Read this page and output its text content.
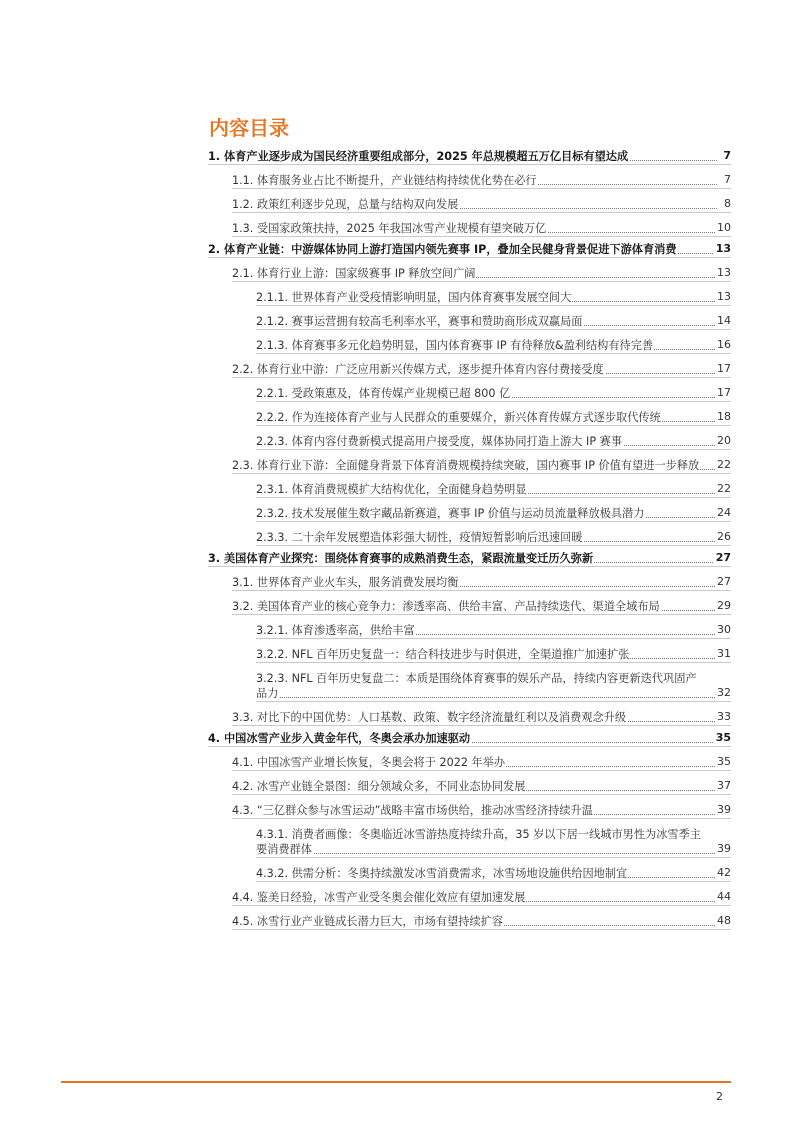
内容目录
1. 体育产业逐步成为国民经济重要组成部分，2025 年总规模超五万亿目标有望达成	7
1.1. 体育服务业占比不断提升，产业链结构持续优化势在必行	7
1.2. 政策红利逐步兑现，总量与结构双向发展	8
1.3. 受国家政策扶持，2025 年我国冰雪产业规模有望突破万亿	10
2. 体育产业链：中游媒体协同上游打造国内领先赛事 IP，叠加全民健身背景促进下游体育消费	13
2.1. 体育行业上游：国家级赛事 IP 释放空间广阔	13
2.1.1. 世界体育产业受疫情影响明显，国内体育赛事发展空间大	13
2.1.2. 赛事运营拥有较高毛利率水平，赛事和赞助商形成双赢局面	14
2.1.3. 体育赛事多元化趋势明显，国内体育赛事 IP 有待释放&盈利结构有待完善	16
2.2. 体育行业中游：广泛应用新兴传媒方式，逐步提升体育内容付费接受度	17
2.2.1. 受政策惠及，体育传媒产业规模已超 800 亿	17
2.2.2. 作为连接体育产业与人民群众的重要媒介，新兴体育传媒方式逐步取代传统	18
2.2.3. 体育内容付费新模式提高用户接受度，媒体协同打造上游大 IP 赛事	20
2.3. 体育行业下游：全面健身背景下体育消费规模持续突破，国内赛事 IP 价值有望进一步释放 22
2.3.1. 体育消费规模扩大结构优化，全面健身趋势明显	22
2.3.2. 技术发展催生数字藏品新赛道，赛事 IP 价值与运动员流量释放极具潜力	24
2.3.3. 二十余年发展塑造体彩强大韧性，疫情短暂影响后迅速回暖	26
3. 美国体育产业探究：围绕体育赛事的成熟消费生态，紧跟流量变迁历久弥新	27
3.1. 世界体育产业火车头，服务消费发展均衡	27
3.2. 美国体育产业的核心竞争力：渗透率高、供给丰富、产品持续迭代、渠道全域布局	29
3.2.1. 体育渗透率高，供给丰富	30
3.2.2. NFL 百年历史复盘一：结合科技进步与时俱进，全渠道推广加速扩张	31
3.2.3. NFL 百年历史复盘二：本质是围绕体育赛事的娱乐产品，持续内容更新迭代巩固产品力	32
3.3. 对比下的中国优势：人口基数、政策、数字经济流量红利以及消费观念升级	33
4. 中国冰雪产业步入黄金年代，冬奥会承办加速驱动	35
4.1. 中国冰雪产业增长恢复，冬奥会将于 2022 年举办	35
4.2. 冰雪产业链全景图：细分领域众多，不同业态协同发展	37
4.3. “三亿群众参与冰雪运动”战略丰富市场供给，推动冰雪经济持续升温	39
4.3.1. 消费者画像：冬奥临近冰雪游热度持续升高，35 岁以下居一线城市男性为冰雪季主要消费群体	39
4.3.2. 供需分析：冬奥持续激发冰雪消费需求，冰雪场地设施供给因地制宜	42
4.4. 鉴美日经验，冰雪产业受冬奥会催化效应有望加速发展	44
4.5. 冰雪行业产业链成长潜力巨大，市场有望持续扩容	48
2
